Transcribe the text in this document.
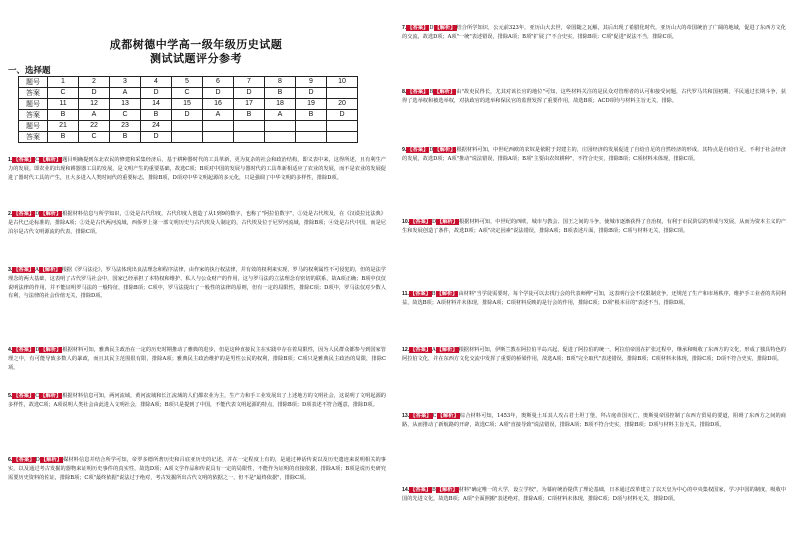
成都树德中学高一级年级历史试题
测试试题评分参考
一、选择题
题号	1	2	3	4	5	6	7	8	9	10
答案	C	D	A	D	C	D	D	B	D	
题号	11	12	13	14	15	16	17	18	19	20
答案	B	A	C	B	D	A	B	A	B	D
题号	21	22	23	24						
答案	B	C	B	D						
1.【答案】C【解析】题目明确提到东北农民的修建和采集经济后，基于耕种器时代的工具革新，更为复杂的社会和政治结构，即义表中来，这得所述，且有利生产力的发展。即农业的出现和耕器器工具的发展，是文明产生的重要基础，故选C项；B项对中国的发展与器时代的工具革新相适应了农业的发展，而不是农业的发展促进了器时代工具的产生，且大多进入人类时间代的重要标志，排除B项，D项对中华文明起源的多元化，只是强调了中华文明的多样性，排除D项。
2.【答案】D【解析】根据材料信息与所学知识，②处是古代印度，古代印度人创造了从1到9的数字，也称了"阿拉伯数字"，①处是古代埃及，在《汉谟拉比法典》是古代已论标准的，排除A项；②处是古代两河流域，西侨罗上第一部文明历史与古代埃及人制定的，古代埃及位于尼罗河流域，排除B项；④处是古代中国，而是尼泊尔是古代文明源流的代表，排除C项。
3.【答案】A【解析】根据《罗马法论》，罗马法体现出良法理念和程序法律，由作家的执行权法律，并有效的权利来实现，罗马的权利属性不可侵犯的，但的是法学理念的两大基础，这表明了古代罗马社会中，国家已经承担了本特权和维护、私人与公众财产的作用，这与罗马法的立法理念有密切的联系，故A项正确；B项中仅仅说明法律的作用，并不能证明罗马法的一般特征，排除B项；C项中，罗马法提出了一般性的法律的原则，但有一定的局限性，排除C项；D项中，罗马法仅对少数人有利，与法律的社会价值无关，排除D项。
4.【答案】D【解析】根据材料可知，雅典民主政治在一定的历史时期推动了雅典的进步，但是这种直接民主在实践中存在着局限性，因为人民群众都参与到国家管理之中，有可能导致多数人的暴政，而且其民主范围很有限，排除A项；雅典民主政治维护的是男性公民的权利，排除B项；C项只是雅典民主政治的局限，排除C项。
5.【答案】C【解析】根据材料信息可知，两河流域，黄河流域和长江流域的人们都农业为主，生产力和手工业发展出了上述地方的文明社会，这说明了文明起源的多样性，故选C项；A项说明人类社会由此进入文明社会，排除A项；B项只是提到了中国，不能代表文明起源的特点，排除B项；D项表述不符合题意，排除D项。
6.【答案】D【解析】媒材料信息并结合所学可知，帝罗多德所著历史和吕底亚历史的记述，并在一定程度上有的，是通过神话传说以及历史遗迹来说明相关的事实，以及通过考古发掘的器物来证明历史事件的真实性，故选D项；A项文学作品和传说具有一定的局限性，不能作为证明的直接依据，排除A项；B项是说历史研究需要历史资料的佐证，排除B项；C项"最终依据"说法过于绝对，考古发掘所出古代文明的依据之一，但不是"最终依据"，排除C项。
7.【答案】D【解析】结合所学知识，公元前323年，亚历山大去世，帝国随之瓦解，其后出现了希腊化时代，亚历山大的帝国统治了广阔的地域，促进了东西方文化的交流，故选D项；A项"一统"表述错误，排除A项；B项"扩展了"不合史实，排除B项；C项"促进"说法不当，排除C项。
8.【答案】B【解析】由"故吏民得长，尤其对该长官的地位"可知，这些材料关注的是民众对管理者的认可和接受问题，古代罗马共和国初期，平民通过长期斗争，获得了选举权和被选举权，对执政官的选举和保民官的监督发挥了重要作用，故选B项；ACD项均与材料主旨无关，排除。
9.【答案】D【解析】根据材料可知，中世纪西欧的农奴是依附于封建主的，庄园经济的发展促进了自给自足的自然经济的形成，其特点是自给自足，不利于社会经济的发展，故选D项；A项"推动"说法错误，排除A项；B项"主要由农奴耕种"，不符合史实，排除B项；C项材料未体现，排除C项。
10.【答案】D【解析】根据材料可知，中世纪的西欧，城市与教会、国王之间的斗争，使城市逐渐获得了自治权，有利于市民阶层的形成与发展，从而为资本主义的产生和发展创造了条件，故选D项；A项"决定因素"说法错误，排除A项；B项表述片面，排除B项；C项与材料无关，排除C项。
11.【答案】B【解析】由材料"当学徒需要时，每个学徒可以去找行会的代表师傅"可知，这表明行会不仅限制竞争，还规范了生产和市场秩序，维护手工业者的共同利益，故选B项；A项材料并未体现，排除A项；C项材料反映的是行会的作用，排除C项；D项"根本目的"表述不当，排除D项。
12.【答案】A【解析】根据材料可知，伊斯兰教在阿拉伯半岛兴起，促进了阿拉伯的统一，阿拉伯帝国在扩张过程中，继承和吸收了东西方的文化，形成了独具特色的阿拉伯文化，并在东西方文化交流中发挥了重要的桥梁作用，故选A项；B项"完全取代"表述错误，排除B项；C项材料未体现，排除C项；D项不符合史实，排除D项。
13.【答案】C【解析】综合材料可知，1453年，奥斯曼土耳其人攻占君士坦丁堡，拜占庭帝国灭亡，奥斯曼帝国控制了东西方贸易的要道，阻碍了东西方之间的商路，从而推动了新航路的开辟，故选C项；A项"直接导致"说法错误，排除A项；B项不符合史实，排除B项；D项与材料主旨无关，排除D项。
14.【答案】B【解析】材料"确定唯一的大学，设立学校"，为幕府统治提供了理论基础，日本通过改革建立了以天皇为中心的中央集权国家，学习中国的制度，吸收中国的先进文化，故选B项；A项"全面照搬"表述绝对，排除A项；C项材料未体现，排除C项；D项与材料无关，排除D项。
